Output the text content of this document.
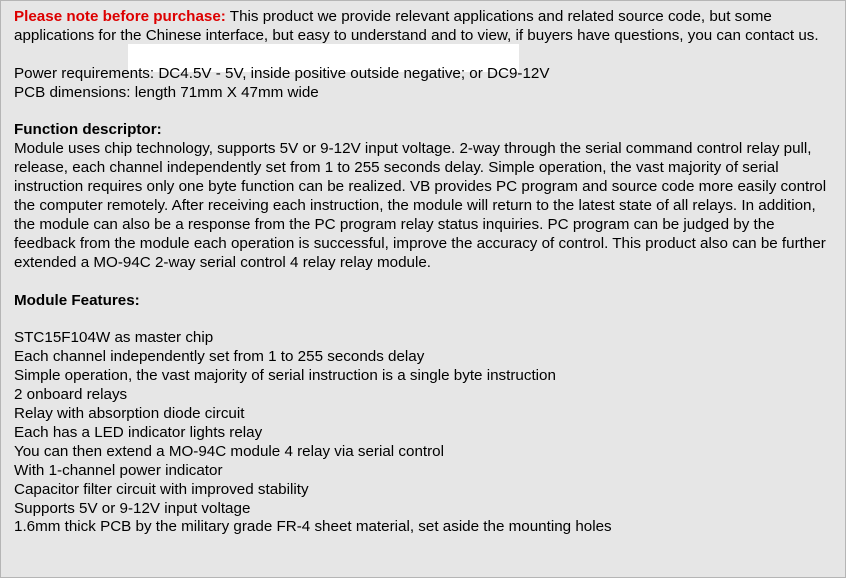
Please note before purchase: This product we provide relevant applications and related source code, but some applications for the Chinese interface, but easy to understand and to view, if buyers have questions, you can contact us.

Power requirements: DC4.5V - 5V, inside positive outside negative; or DC9-12V

PCB dimensions: length 71mm X 47mm wide

Function descriptor:

Module uses chip technology, supports 5V or 9-12V input voltage. 2-way through the serial command control relay pull, release, each channel independently set from 1 to 255 seconds delay. Simple operation, the vast majority of serial instruction requires only one byte function can be realized. VB provides PC program and source code more easily control the computer remotely. After receiving each instruction, the module will return to the latest state of all relays. In addition, the module can also be a response from the PC program relay status inquiries. PC program can be judged by the feedback from the module each operation is successful, improve the accuracy of control. This product also can be further extended a MO-94C 2-way serial control 4 relay relay module.

Module Features:

STC15F104W as master chip

Each channel independently set from 1 to 255 seconds delay

Simple operation, the vast majority of serial instruction is a single byte instruction

2 onboard relays

Relay with absorption diode circuit

Each has a LED indicator lights relay

You can then extend a MO-94C module 4 relay via serial control

With 1-channel power indicator

Capacitor filter circuit with improved stability

Supports 5V or 9-12V input voltage

1.6mm thick PCB by the military grade FR-4 sheet material, set aside the mounting holes
